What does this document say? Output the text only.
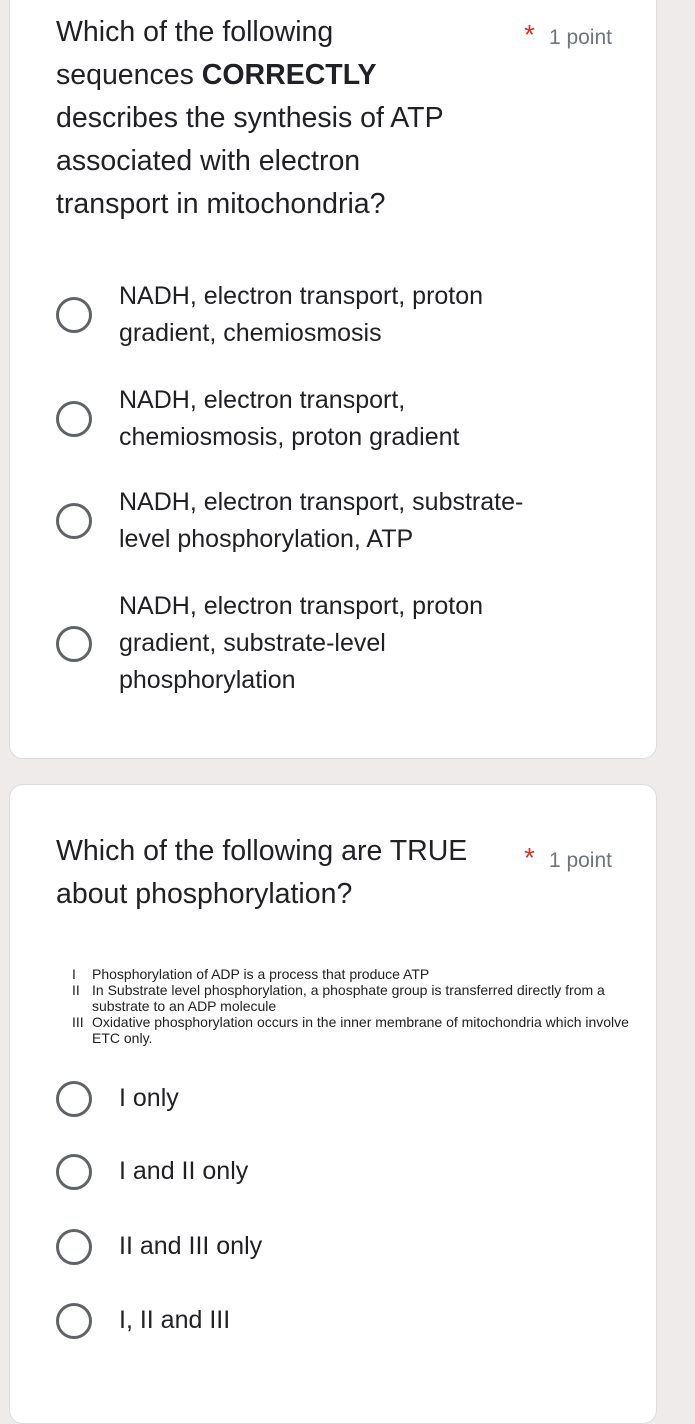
Which of the following sequences CORRECTLY describes the synthesis of ATP associated with electron transport in mitochondria?
* 1 point
NADH, electron transport, proton gradient, chemiosmosis
NADH, electron transport, chemiosmosis, proton gradient
NADH, electron transport, substrate-level phosphorylation, ATP
NADH, electron transport, proton gradient, substrate-level phosphorylation
Which of the following are TRUE about phosphorylation?
* 1 point
I	Phosphorylation of ADP is a process that produce ATP
II In Substrate level phosphorylation, a phosphate group is transferred directly from a substrate to an ADP molecule
III Oxidative phosphorylation occurs in the inner membrane of mitochondria which involve ETC only.
I only
I and II only
II and III only
I, II and III
